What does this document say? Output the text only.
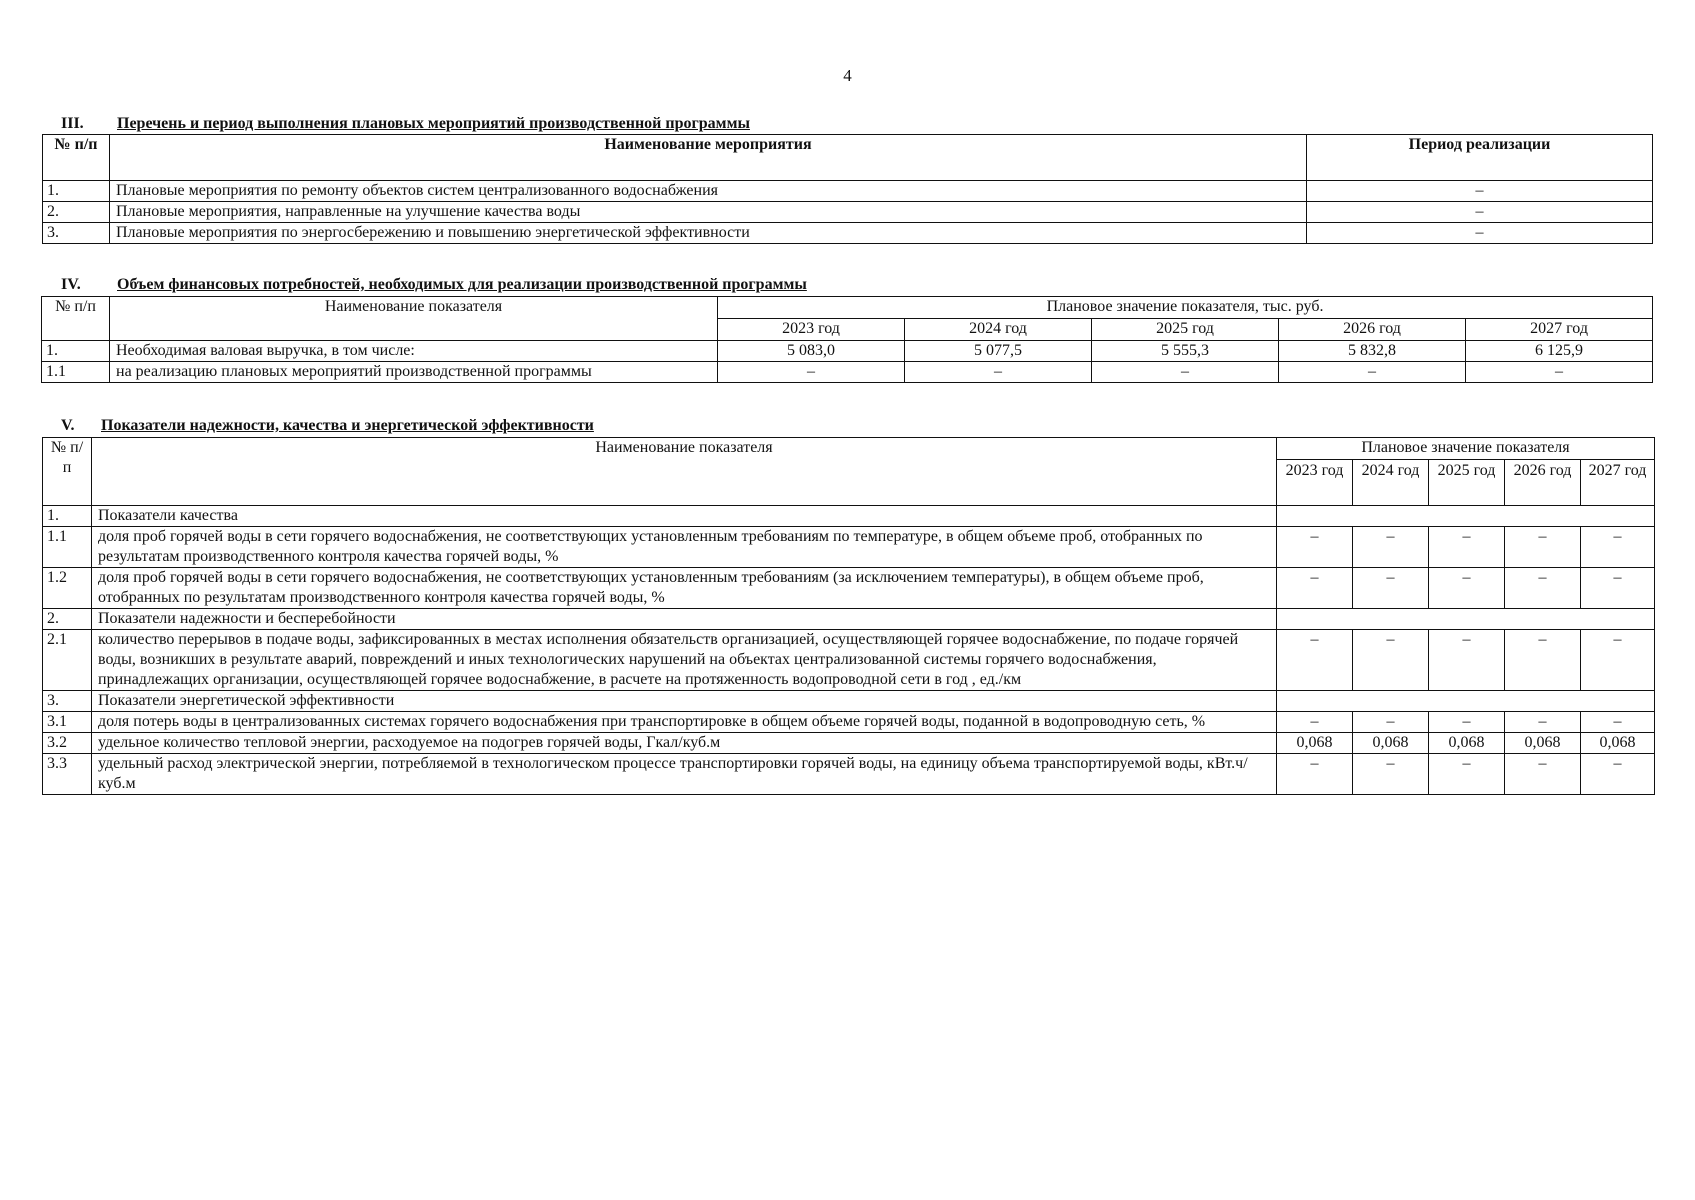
4
III. Перечень и период выполнения плановых мероприятий производственной программы
№ п/п	Наименование мероприятия	Период реализации
1.	Плановые мероприятия по ремонту объектов систем централизованного водоснабжения	–
2.	Плановые мероприятия, направленные на улучшение качества воды	–
3.	Плановые мероприятия по энергосбережению и повышению энергетической эффективности	–
IV. Объем финансовых потребностей, необходимых для реализации производственной программы
№ п/п	Наименование показателя	Плановое значение показателя, тыс. руб.				
		2023 год	2024 год	2025 год	2026 год	2027 год
1.	Необходимая валовая выручка, в том числе:	5 083,0	5 077,5	5 555,3	5 832,8	6 125,9
1.1	на реализацию плановых мероприятий производственной программы	–	–	–	–	–
V. Показатели надежности, качества и энергетической эффективности
№ п/п	Наименование показателя	Плановое значение показателя				
		2023 год	2024 год	2025 год	2026 год	2027 год
1.	Показатели качества					
1.1	доля проб горячей воды в сети горячего водоснабжения, не соответствующих установленным требованиям по температуре, в общем объеме проб, отобранных по результатам производственного контроля качества горячей воды, %	–	–	–	–	–
1.2	доля проб горячей воды в сети горячего водоснабжения, не соответствующих установленным требованиям (за исключением температуры), в общем объеме проб, отобранных по результатам производственного контроля качества горячей воды, %	–	–	–	–	–
2.	Показатели надежности и бесперебойности					
2.1	количество перерывов в подаче воды, зафиксированных в местах исполнения обязательств организацией, осуществляющей горячее водоснабжение, по подаче горячей воды, возникших в результате аварий, повреждений и иных технологических нарушений на объектах централизованной системы горячего водоснабжения, принадлежащих организации, осуществляющей горячее водоснабжение, в расчете на протяженность водопроводной сети в год , ед./км	–	–	–	–	–
3.	Показатели энергетической эффективности					
3.1	доля потерь воды в централизованных системах горячего водоснабжения при транспортировке в общем объеме горячей воды, поданной в водопроводную сеть, %	–	–	–	–	–
3.2	удельное количество тепловой энергии, расходуемое на подогрев горячей воды, Гкал/куб.м	0,068	0,068	0,068	0,068	0,068
3.3	удельный расход электрической энергии, потребляемой в технологическом процессе транспортировки горячей воды, на единицу объема транспортируемой воды, кВт.ч/куб.м	–	–	–	–	–
